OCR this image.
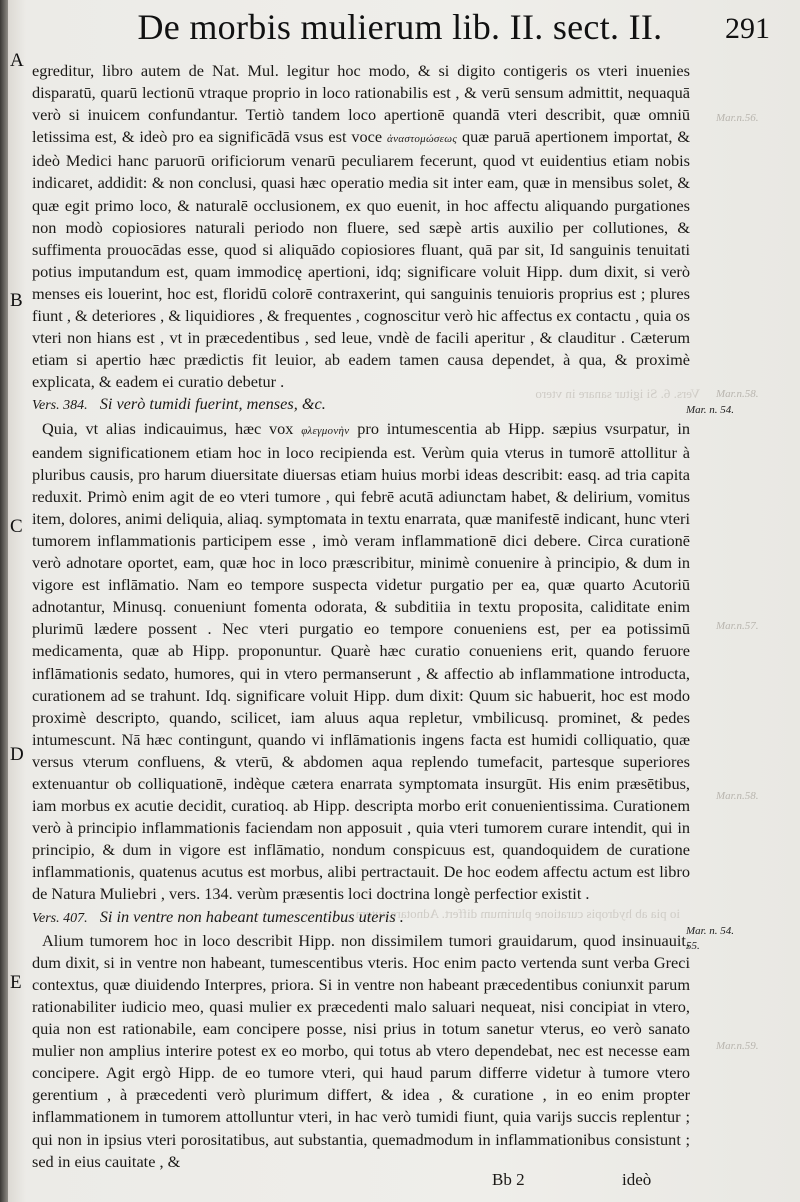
De morbis mulierum lib. II. sect. II.	291
A
B
C
D
E
Vers. 6. Si igitur sanare in vtero
io pia ab hydropis curatione plurimum differt. Adnotare autem

egreditur, libro autem de Nat. Mul. legitur hoc modo, & si digito contigeris os vteri inuenies disparatū, quarū lectionū vtraque proprio in loco rationabilis est , & verū sensum admittit, nequaquā verò si inuicem confundantur. Tertiò tandem loco apertionē quandā vteri describit, quæ omniū letissima est, & ideò pro ea significādā vsus est voce ἀναστομώσεως quæ paruā apertionem importat, & ideò Medici hanc paruorū orificiorum venarū peculiarem fecerunt, quod vt euidentius etiam nobis indicaret, addidit: & non conclusi, quasi hæc operatio media sit inter eam, quæ in mensibus solet, & quæ egit primo loco, & naturalē occlusionem, ex quo euenit, in hoc affectu aliquando purgationes non modò copiosiores naturali periodo non fluere, sed sæpè artis auxilio per collutiones, & suffimenta prouocādas esse, quod si aliquādo copiosiores fluant, quā par sit, Id sanguinis tenuitati potius imputandum est, quam immodicę apertioni, idq; significare voluit Hipp. dum dixit, si verò menses eis louerint, hoc est, floridū colorē contraxerint, qui sanguinis tenuioris proprius est ; plures fiunt , & deteriores , & liquidiores , & frequentes , cognoscitur verò hic affectus ex contactu , quia os vteri non hians est , vt in præcedentibus , sed leue, vndè de facili aperitur , & clauditur . Cæterum etiam si apertio hæc prædictis fit leuior, ab eadem tamen causa dependet, à qua, & proximè explicata, & eadem ei curatio debetur .

Vers. 384. Si verò tumidi fuerint, menses, &c.

Quia, vt alias indicauimus, hæc vox φλεγμονὴν pro intumescentia ab Hipp. sæpius vsurpatur, in eandem significationem etiam hoc in loco recipienda est. Verùm quia vterus in tumorē attollitur à pluribus causis, pro harum diuersitate diuersas etiam huius morbi ideas describit: easq. ad tria capita reduxit. Primò enim agit de eo vteri tumore , qui febrē acutā adiunctam habet, & delirium, vomitus item, dolores, animi deliquia, aliaq. symptomata in textu enarrata, quæ manifestē indicant, hunc vteri tumorem inflammationis participem esse , imò veram inflammationē dici debere. Circa curationē verò adnotare oportet, eam, quæ hoc in loco præscribitur, minimè conuenire à principio, & dum in vigore est inflāmatio. Nam eo tempore suspecta videtur purgatio per ea, quæ quarto Acutoriū adnotantur, Minusq. conueniunt fomenta odorata, & subditiia in textu proposita, caliditate enim plurimū lædere possent . Nec vteri purgatio eo tempore conueniens est, per ea potissimū medicamenta, quæ ab Hipp. proponuntur. Quarè hæc curatio conueniens erit, quando feruore inflāmationis sedato, humores, qui in vtero permanserunt , & affectio ab inflammatione introducta, curationem ad se trahunt. Idq. significare voluit Hipp. dum dixit: Quum sic habuerit, hoc est modo proximè descripto, quando, scilicet, iam aluus aqua repletur, vmbilicusq. prominet, & pedes intumescunt. Nā hæc contingunt, quando vi inflāmationis ingens facta est humidi colliquatio, quæ versus vterum confluens, & vterū, & abdomen aqua replendo tumefacit, partesque superiores extenuantur ob colliquationē, indèque cætera enarrata symptomata insurgūt. His enim præsētibus, iam morbus ex acutie decidit, curatioq. ab Hipp. descripta morbo erit conuenientissima. Curationem verò à principio inflammationis faciendam non apposuit , quia vteri tumorem curare intendit, qui in principio, & dum in vigore est inflāmatio, nondum conspicuus est, quandoquidem de curatione inflammationis, quatenus acutus est morbus, alibi pertractauit. De hoc eodem affectu actum est libro de Natura Muliebri , vers. 134. verùm præsentis loci doctrina longè perfectior existit .

Vers. 407. Si in ventre non habeant tumescentibus uteris .

Alium tumorem hoc in loco describit Hipp. non dissimilem tumori grauidarum, quod insinuauit, dum dixit, si in ventre non habeant, tumescentibus vteris. Hoc enim pacto vertenda sunt verba Greci contextus, quæ diuidendo Interpres, priora. Si in ventre non habeant præcedentibus coniunxit parum rationabiliter iudicio meo, quasi mulier ex præcedenti malo saluari nequeat, nisi concipiat in vtero, quia non est rationabile, eam concipere posse, nisi prius in totum sanetur vterus, eo verò sanato mulier non amplius interire potest ex eo morbo, qui totus ab vtero dependebat, nec est necesse eam concipere. Agit ergò Hipp. de eo tumore vteri, qui haud parum differre videtur à tumore vtero gerentium , à præcedenti verò plurimum differt, & idea , & curatione , in eo enim propter inflammationem in tumorem attolluntur vteri, in hac verò tumidi fiunt, quia varijs succis replentur ; qui non in ipsius vteri porositatibus, aut substantia, quemadmodum in inflammationibus consistunt ; sed in eius cauitate , &

Mar. n. 54.
Mar.n.56.
Mar.n.58.
Mar.n.57.
Mar.n.58.
Mar. n. 54.
55.
Mar.n.59.
Bb 2	ideò
